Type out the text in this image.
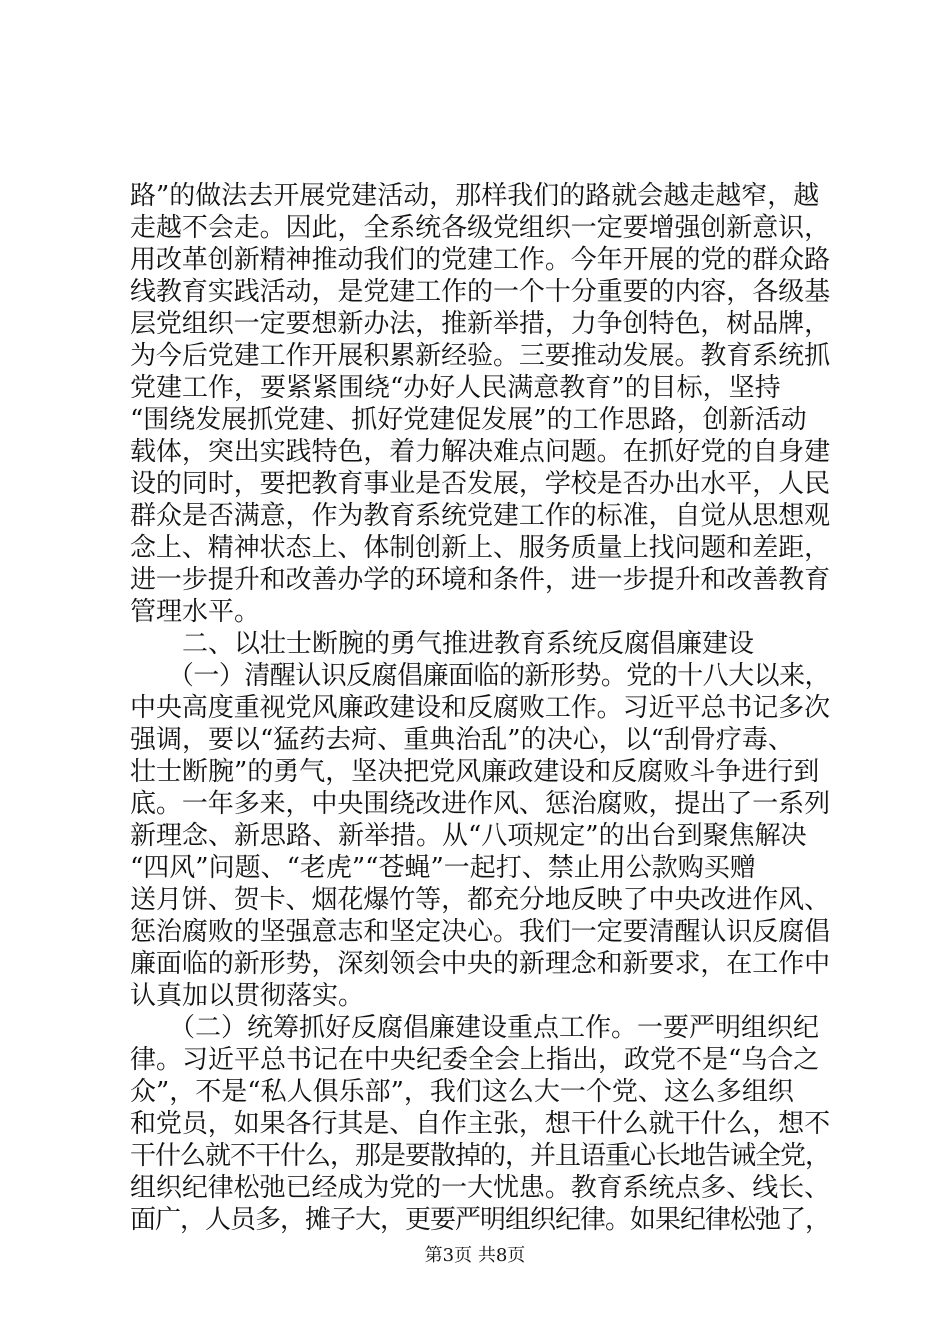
路”的做法去开展党建活动，那样我们的路就会越走越窄，越
走越不会走。因此，全系统各级党组织一定要增强创新意识，
用改革创新精神推动我们的党建工作。今年开展的党的群众路
线教育实践活动，是党建工作的一个十分重要的内容，各级基
层党组织一定要想新办法，推新举措，力争创特色，树品牌，
为今后党建工作开展积累新经验。三要推动发展。教育系统抓
党建工作，要紧紧围绕“办好人民满意教育”的目标，坚持
“围绕发展抓党建、抓好党建促发展”的工作思路，创新活动
载体，突出实践特色，着力解决难点问题。在抓好党的自身建
设的同时，要把教育事业是否发展，学校是否办出水平，人民
群众是否满意，作为教育系统党建工作的标准，自觉从思想观
念上、精神状态上、体制创新上、服务质量上找问题和差距，
进一步提升和改善办学的环境和条件，进一步提升和改善教育
管理水平。
　　二、以壮士断腕的勇气推进教育系统反腐倡廉建设
　　（一）清醒认识反腐倡廉面临的新形势。党的十八大以来，
中央高度重视党风廉政建设和反腐败工作。习近平总书记多次
强调，要以“猛药去疴、重典治乱”的决心，以“刮骨疗毒、
壮士断腕”的勇气，坚决把党风廉政建设和反腐败斗争进行到
底。一年多来，中央围绕改进作风、惩治腐败，提出了一系列
新理念、新思路、新举措。从“八项规定”的出台到聚焦解决
“四风”问题、“老虎”“苍蝇”一起打、禁止用公款购买赠
送月饼、贺卡、烟花爆竹等，都充分地反映了中央改进作风、
惩治腐败的坚强意志和坚定决心。我们一定要清醒认识反腐倡
廉面临的新形势，深刻领会中央的新理念和新要求，在工作中
认真加以贯彻落实。
　　（二）统筹抓好反腐倡廉建设重点工作。一要严明组织纪
律。习近平总书记在中央纪委全会上指出，政党不是“乌合之
众”，不是“私人俱乐部”，我们这么大一个党、这么多组织
和党员，如果各行其是、自作主张，想干什么就干什么，想不
干什么就不干什么，那是要散掉的，并且语重心长地告诫全党，
组织纪律松弛已经成为党的一大忧患。教育系统点多、线长、
面广，人员多，摊子大，更要严明组织纪律。如果纪律松弛了，
第3页 共8页
